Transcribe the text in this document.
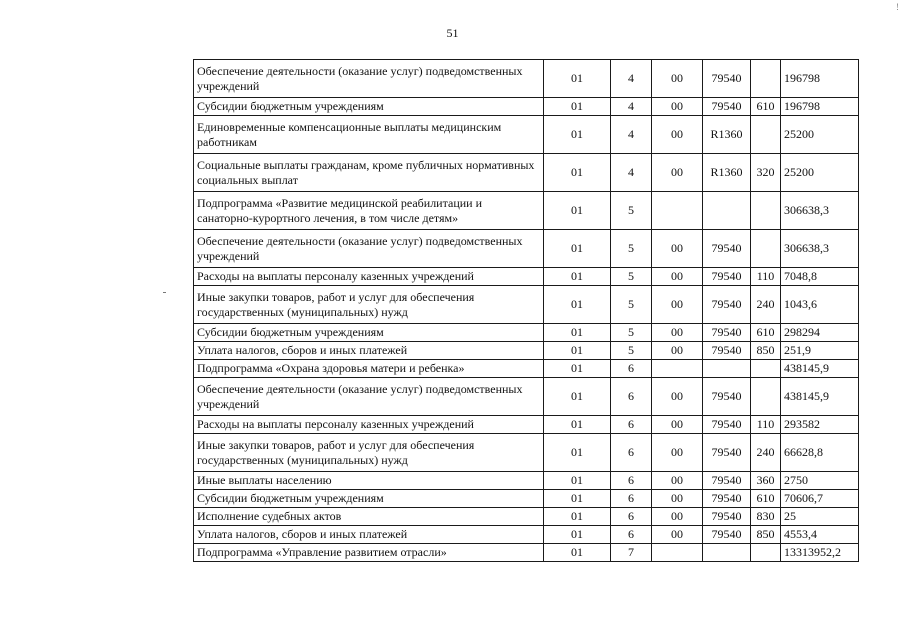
!
51
Обеспечение деятельности (оказание услуг) подведомственных учреждений	01	4	00	79540		196798
Субсидии бюджетным учреждениям	01	4	00	79540	610	196798
Единовременные компенсационные выплаты медицинским работникам	01	4	00	R1360		25200
Социальные выплаты гражданам, кроме публичных нормативных социальных выплат	01	4	00	R1360	320	25200
Подпрограмма «Развитие медицинской реабилитации и санаторно-курортного лечения, в том числе детям»	01	5				306638,3
Обеспечение деятельности (оказание услуг) подведомственных учреждений	01	5	00	79540		306638,3
Расходы на выплаты персоналу казенных учреждений	01	5	00	79540	110	7048,8
Иные закупки товаров, работ и услуг для обеспечения государственных (муниципальных) нужд	01	5	00	79540	240	1043,6
Субсидии бюджетным учреждениям	01	5	00	79540	610	298294
Уплата налогов, сборов и иных платежей	01	5	00	79540	850	251,9
Подпрограмма «Охрана здоровья матери и ребенка»	01	6				438145,9
Обеспечение деятельности (оказание услуг) подведомственных учреждений	01	6	00	79540		438145,9
Расходы на выплаты персоналу казенных учреждений	01	6	00	79540	110	293582
Иные закупки товаров, работ и услуг для обеспечения государственных (муниципальных) нужд	01	6	00	79540	240	66628,8
Иные выплаты населению	01	6	00	79540	360	2750
Субсидии бюджетным учреждениям	01	6	00	79540	610	70606,7
Исполнение судебных актов	01	6	00	79540	830	25
Уплата налогов, сборов и иных платежей	01	6	00	79540	850	4553,4
Подпрограмма «Управление развитием отрасли»	01	7				13313952,2
